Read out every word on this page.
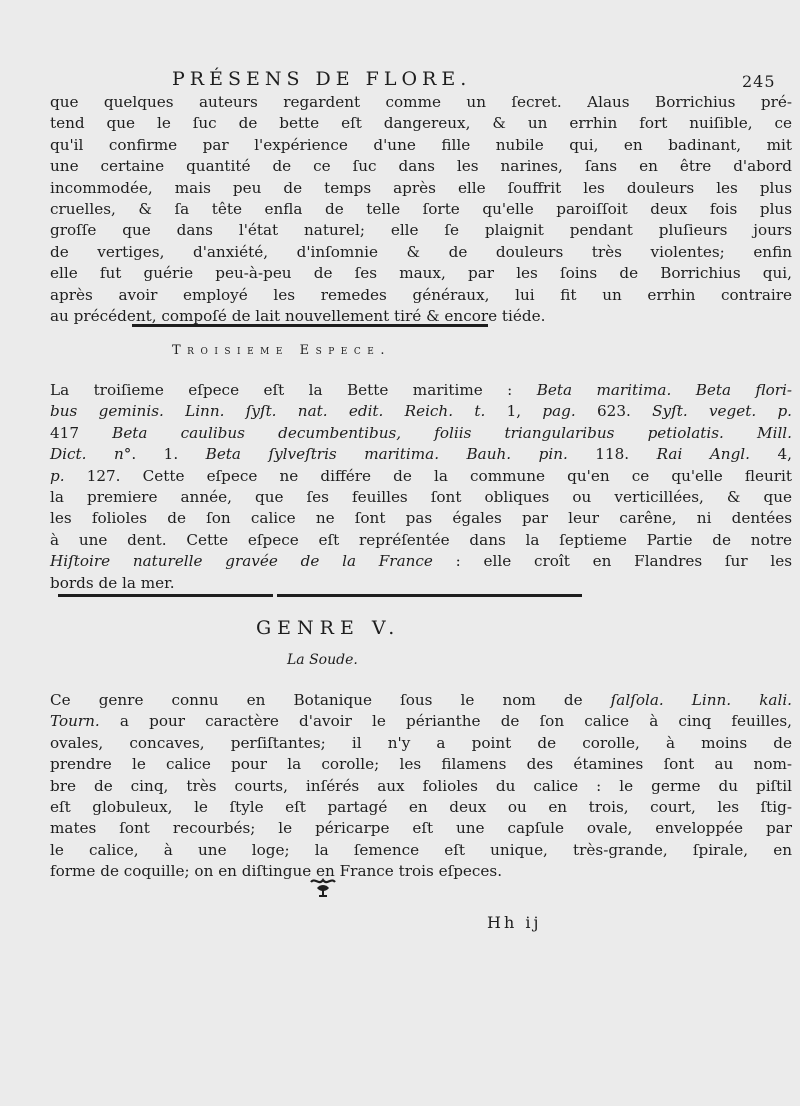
PRÉSENS DE FLORE.	245
que quelques auteurs regardent comme un ſecret. Alaus Borrichius pré-
tend que le ſuc de bette eſt dangereux, & un errhin fort nuiſible, ce
qu'il confirme par l'expérience d'une fille nubile qui, en badinant, mit
une certaine quantité de ce ſuc dans les narines, ſans en être d'abord
incommodée, mais peu de temps après elle ſouffrit les douleurs les plus
cruelles, & ſa tête enfla de telle ſorte qu'elle paroiſſoit deux fois plus
groſſe que dans l'état naturel; elle ſe plaignit pendant pluſieurs jours
de vertiges, d'anxiété, d'inſomnie & de douleurs très violentes; enfin
elle fut guérie peu-à-peu de ſes maux, par les ſoins de Borrichius qui,
après avoir employé les remedes généraux, lui fit un errhin contraire
au précédent, compoſé de lait nouvellement tiré & encore tiéde.
Troisieme Espece.
La troiſieme eſpece eſt la Bette maritime : Beta maritima. Beta flori-
bus geminis. Linn. ſyſt. nat. edit. Reich. t. 1, pag. 623. Syſt. veget. p.
417 Beta caulibus decumbentibus, foliis triangularibus petiolatis. Mill.
Dict. n°. 1. Beta ſylveſtris maritima. Bauh. pin. 118. Rai Angl. 4,
p. 127. Cette eſpece ne différe de la commune qu'en ce qu'elle fleurit
la premiere année, que ſes feuilles ſont obliques ou verticillées, & que
les folioles de ſon calice ne ſont pas égales par leur carêne, ni dentées
à une dent. Cette eſpece eſt repréſentée dans la ſeptieme Partie de notre
Hiſtoire naturelle gravée de la France : elle croît en Flandres ſur les
bords de la mer.
GENRE V.
La Soude.
Ce genre connu en Botanique ſous le nom de ſalſola. Linn. kali.
Tourn. a pour caractère d'avoir le périanthe de ſon calice à cinq feuilles,
ovales, concaves, perſiſtantes; il n'y a point de corolle, à moins de
prendre le calice pour la corolle; les filamens des étamines ſont au nom-
bre de cinq, très courts, inſérés aux folioles du calice : le germe du piſtil
eſt globuleux, le ſtyle eſt partagé en deux ou en trois, court, les ſtig-
mates ſont recourbés; le péricarpe eſt une capſule ovale, enveloppée par
le calice, à une loge; la ſemence eſt unique, très-grande, ſpirale, en
forme de coquille; on en diſtingue en France trois eſpeces.
Hh ij
